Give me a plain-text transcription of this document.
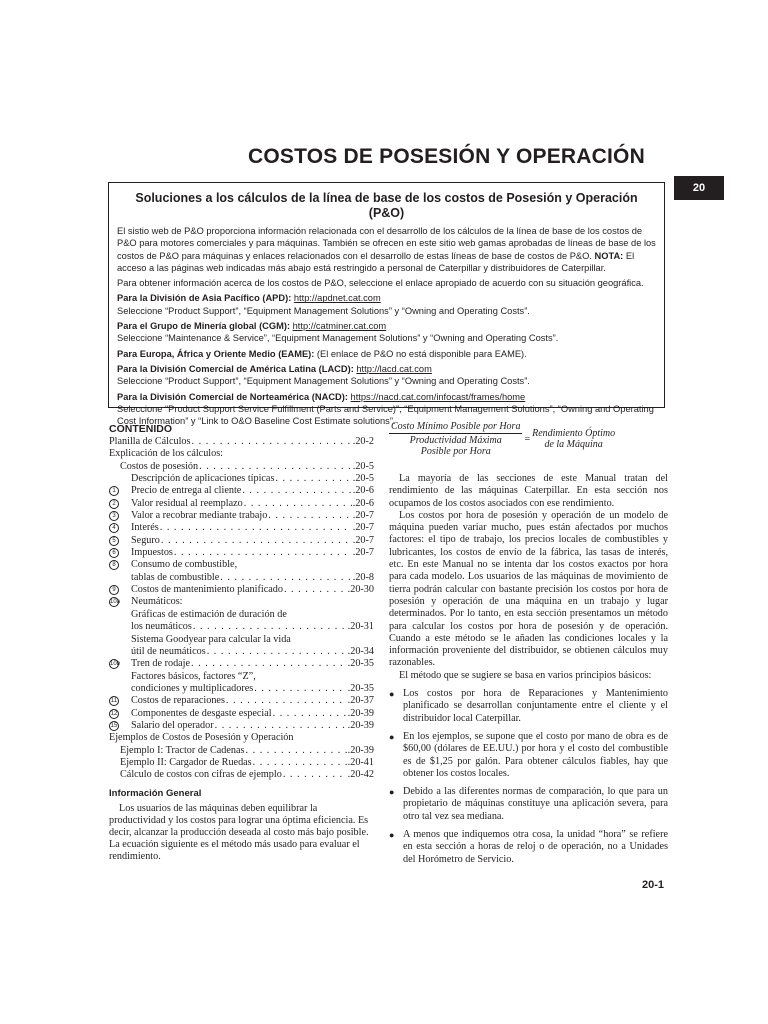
COSTOS DE POSESIÓN Y OPERACIÓN
20
Soluciones a los cálculos de la línea de base de los costos de Posesión y Operación (P&O)

El sistio web de P&O proporciona información relacionada con el desarrollo de los cálculos de la línea de base de los costos de P&O para motores comerciales y para máquinas. También se ofrecen en este sitio web gamas aprobadas de líneas de base de los costos de P&O para máquinas y enlaces relacionados con el desarrollo de estas líneas de base de costos de P&O. NOTA: El acceso a las páginas web indicadas más abajo está restringido a personal de Caterpillar y distribuidores de Caterpillar.

Para obtener información acerca de los costos de P&O, seleccione el enlace apropiado de acuerdo con su situación geográfica.

Para la División de Asia Pacífico (APD): http://apdnet.cat.com

Seleccione “Product Support”, “Equipment Management Solutions” y “Owning and Operating Costs”.

Para el Grupo de Minería global (CGM): http://catminer.cat.com

Seleccione “Maintenance & Service”, “Equipment Management Solutions” y “Owning and Operating Costs”.

Para Europa, África y Oriente Medio (EAME): (El enlace de P&O no está disponible para EAME).

Para la División Comercial de América Latina (LACD): http://lacd.cat.com

Seleccione “Product Support”, “Equipment Management Solutions” y “Owning and Operating Costs”.

Para la División Comercial de Norteamérica (NACD): https://nacd.cat.com/infocast/frames/home

Seleccione “Product Support Service Fulfillment (Parts and Service)”, “Equipment Management Solutions”, “Owning and Operating Cost Information” y “Link to O&O Baseline Cost Estimate solutions”.

CONTENIDO
Planilla de Cálculos . . .	.20-2
Explicación de los cálculos:
Costos de posesión . . .	.20-5
Descripción de aplicaciones típicas . . .	.20-5
1	Precio de entrega al cliente . . .	.20-6
2	Valor residual al reemplazo . . .	.20-6
3	Valor a recobrar mediante trabajo . . .	.20-7
4	Interés . . .	.20-7
5	Seguro . . .	.20-7
6	Impuestos . . .	.20-7
8	Consumo de combustible,
tablas de combustible . . .	.20-8
9	Costos de mantenimiento planificado . . .	.20-30
10a Neumáticos:
Gráficas de estimación de duración de
los neumáticos . . .	.20-31
Sistema Goodyear para calcular la vida
útil de neumáticos . . .	.20-34
10b Tren de rodaje . . .	.20-35
Factores básicos, factores “Z”,
condiciones y multiplicadores . . .	.20-35
11 Costos de reparaciones . . .	.20-37
12 Componentes de desgaste especial . . .	.20-39
15 Salario del operador . . .	.20-39
Ejemplos de Costos de Posesión y Operación
Ejemplo I: Tractor de Cadenas . . .	.20-39
Ejemplo II: Cargador de Ruedas . . .	.20-41
Cálculo de costos con cifras de ejemplo . . .	.20-42
Información General

Los usuarios de las máquinas deben equilibrar la productividad y los costos para lograr una óptima eficiencia. Es decir, alcanzar la producción deseada al costo más bajo posible. La ecuación siguiente es el método más usado para evaluar el rendimiento.

Costo Mínimo Posible por Hora
Productividad Máxima
Posible por Hora
= Rendimiento Óptimo
de la Máquina

La mayoría de las secciones de este Manual tratan del rendimiento de las máquinas Caterpillar. En esta sección nos ocupamos de los costos asociados con ese rendimiento.

Los costos por hora de posesión y operación de un modelo de máquina pueden variar mucho, pues están afectados por muchos factores: el tipo de trabajo, los precios locales de combustibles y lubricantes, los costos de envío de la fábrica, las tasas de interés, etc. En este Manual no se intenta dar los costos exactos por hora para cada modelo. Los usuarios de las máquinas de movimiento de tierra podrán calcular con bastante precisión los costos por hora de posesión y operación de una máquina en un trabajo y lugar determinados. Por lo tanto, en esta sección presentamos un método para calcular los costos por hora de posesión y de operación. Cuando a este método se le añaden las condiciones locales y la información proveniente del distribuidor, se obtienen cálculos muy razonables.

El método que se sugiere se basa en varios principios básicos:

● Los costos por hora de Reparaciones y Mantenimiento planificado se desarrollan conjuntamente entre el cliente y el distribuidor local Caterpillar.
● En los ejemplos, se supone que el costo por mano de obra es de $60,00 (dólares de EE.UU.) por hora y el costo del combustible es de $1,25 por galón. Para obtener cálculos fiables, hay que obtener los costos locales.
● Debido a las diferentes normas de comparación, lo que para un propietario de máquinas constituye una aplicación severa, para otro tal vez sea mediana.
● A menos que indiquemos otra cosa, la unidad “hora” se refiere en esta sección a horas de reloj o de operación, no a Unidades del Horómetro de Servicio.
20-1
